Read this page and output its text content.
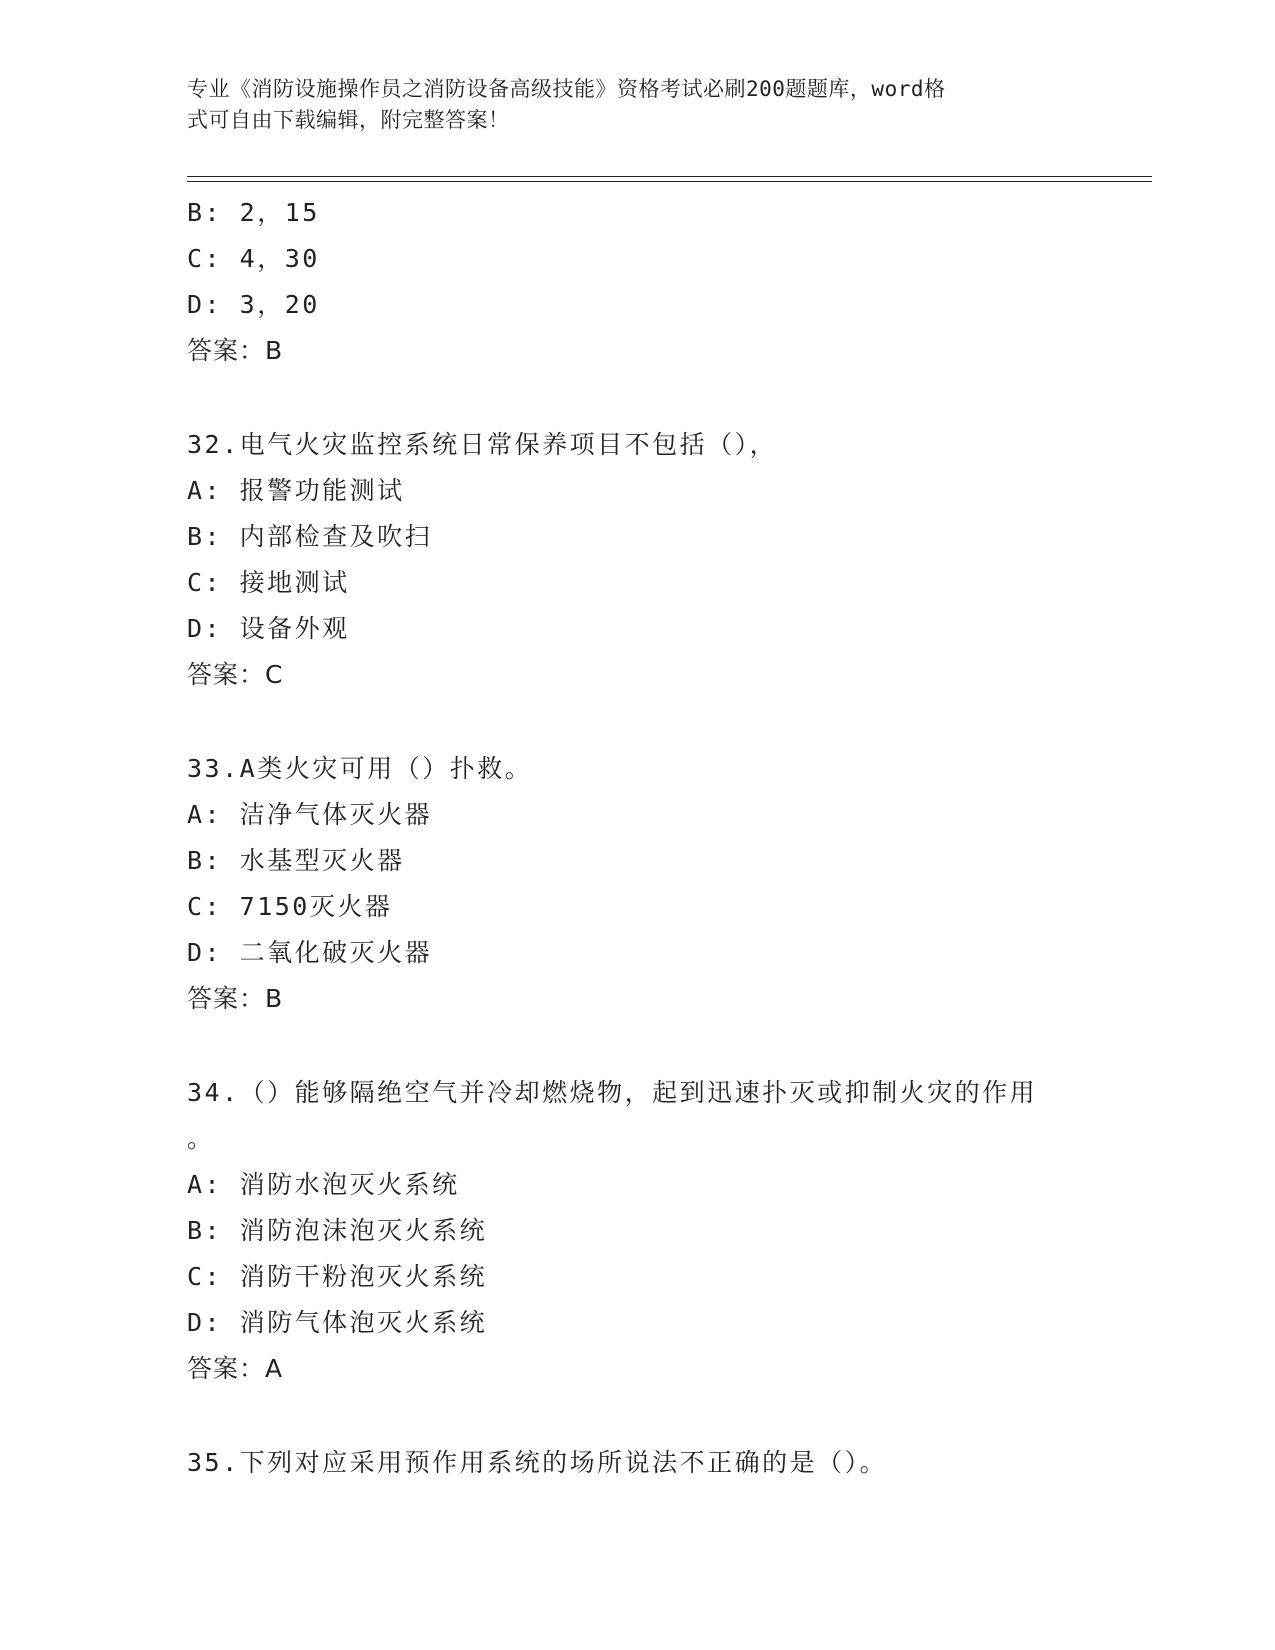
专业《消防设施操作员之消防设备高级技能》资格考试必刷200题题库，word格
式可自由下载编辑，附完整答案！
B: 2，15
C: 4，30
D: 3，20
答案：B
32.电气火灾监控系统日常保养项目不包括（），
A: 报警功能测试
B: 内部检查及吹扫
C: 接地测试
D: 设备外观
答案：C
33.A类火灾可用（）扑救。
A: 洁净气体灭火器
B: 水基型灭火器
C: 7150灭火器
D: 二氧化破灭火器
答案：B
34.（）能够隔绝空气并冷却燃烧物，起到迅速扑灭或抑制火灾的作用
。
A: 消防水泡灭火系统
B: 消防泡沫泡灭火系统
C: 消防干粉泡灭火系统
D: 消防气体泡灭火系统
答案：A
35.下列对应采用预作用系统的场所说法不正确的是（）。
